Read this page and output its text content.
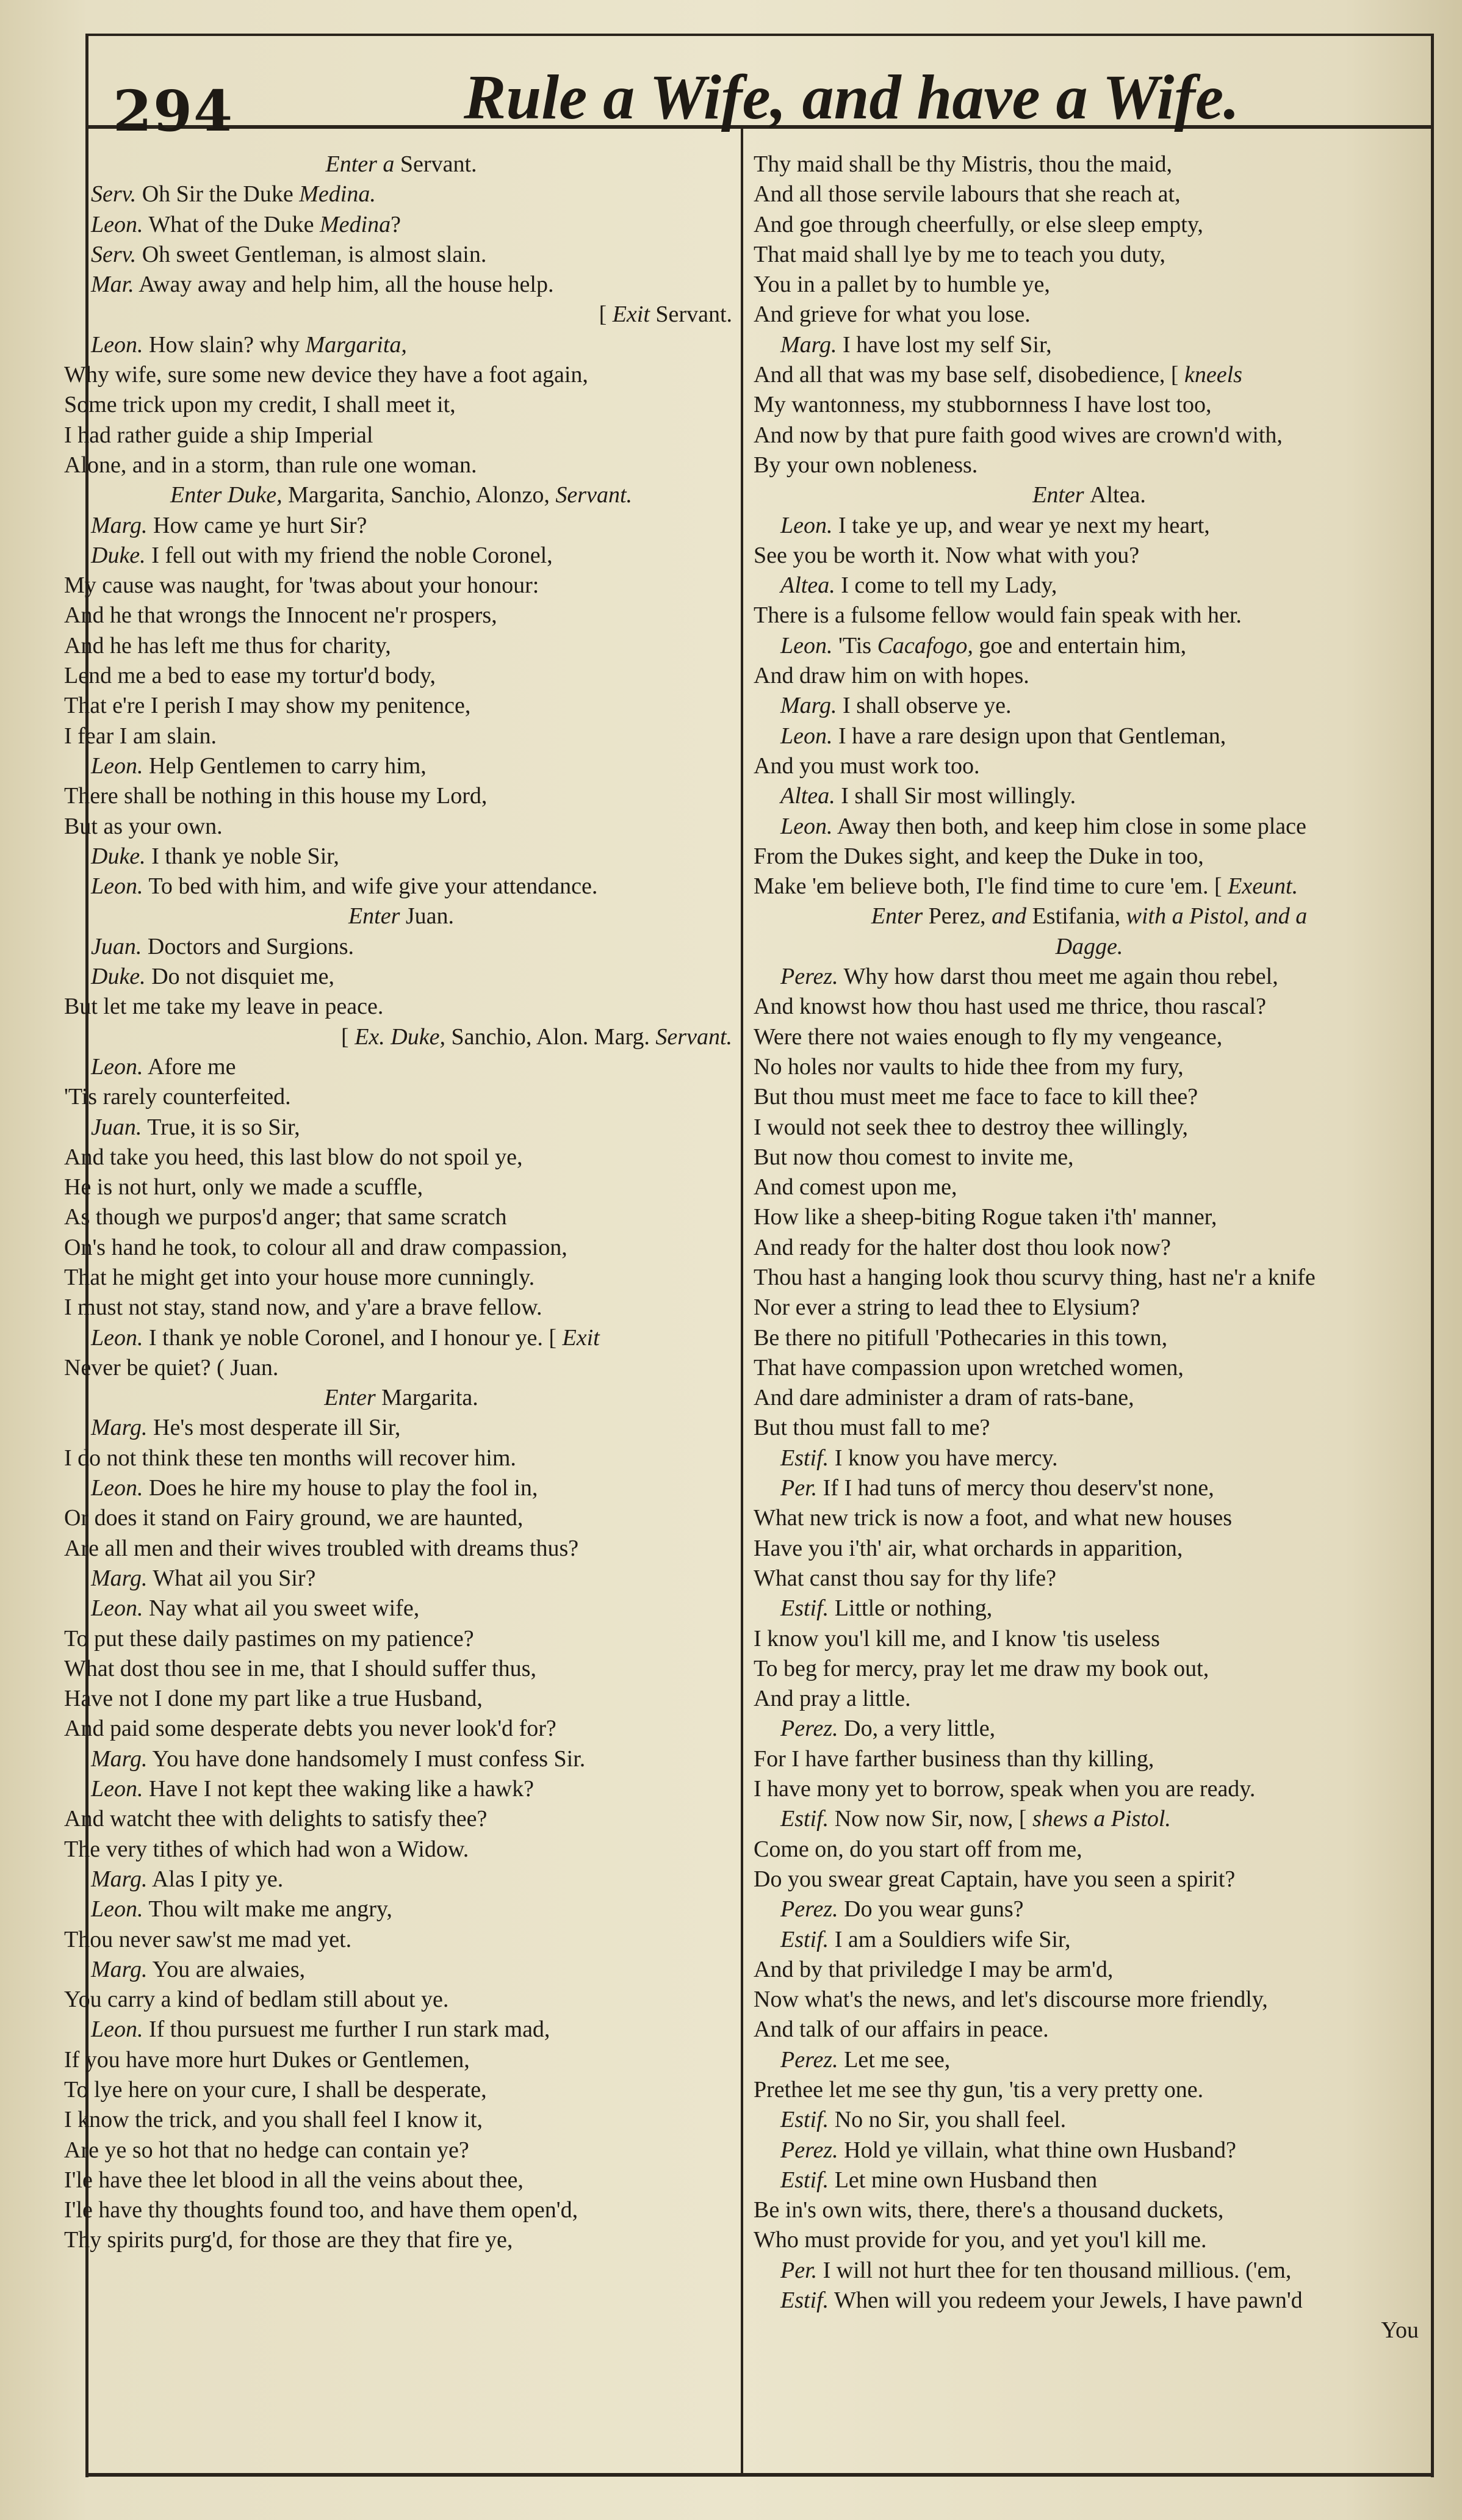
294	Rule a Wife, and have a Wife.
Enter a Servant.
Serv. Oh Sir the Duke Medina.
Leon. What of the Duke Medina?
Serv. Oh sweet Gentleman, is almost slain.
Mar. Away away and help him, all the house help.
[ Exit Servant.
Leon. How slain? why Margarita,
Why wife, sure some new device they have a foot again,
Some trick upon my credit, I shall meet it,
I had rather guide a ship Imperial
Alone, and in a storm, than rule one woman.
Enter Duke, Margarita, Sanchio, Alonzo, Servant.
Marg. How came ye hurt Sir?
Duke. I fell out with my friend the noble Coronel,
My cause was naught, for 'twas about your honour:
And he that wrongs the Innocent ne'r prospers,
And he has left me thus for charity,
Lend me a bed to ease my tortur'd body,
That e're I perish I may show my penitence,
I fear I am slain.
Leon. Help Gentlemen to carry him,
There shall be nothing in this house my Lord,
But as your own.
Duke. I thank ye noble Sir,
Leon. To bed with him, and wife give your attendance.
Enter Juan.
Juan. Doctors and Surgions.
Duke. Do not disquiet me,
But let me take my leave in peace.
[ Ex. Duke, Sanchio, Alon. Marg. Servant.
Leon. Afore me
'Tis rarely counterfeited.
Juan. True, it is so Sir,
And take you heed, this last blow do not spoil ye,
He is not hurt, only we made a scuffle,
As though we purpos'd anger; that same scratch
On's hand he took, to colour all and draw compassion,
That he might get into your house more cunningly.
I must not stay, stand now, and y'are a brave fellow.
Leon. I thank ye noble Coronel, and I honour ye. [ Exit
Never be quiet? ( Juan.
Enter Margarita.
Marg. He's most desperate ill Sir,
I do not think these ten months will recover him.
Leon. Does he hire my house to play the fool in,
Or does it stand on Fairy ground, we are haunted,
Are all men and their wives troubled with dreams thus?
Marg. What ail you Sir?
Leon. Nay what ail you sweet wife,
To put these daily pastimes on my patience?
What dost thou see in me, that I should suffer thus,
Have not I done my part like a true Husband,
And paid some desperate debts you never look'd for?
Marg. You have done handsomely I must confess Sir.
Leon. Have I not kept thee waking like a hawk?
And watcht thee with delights to satisfy thee?
The very tithes of which had won a Widow.
Marg. Alas I pity ye.
Leon. Thou wilt make me angry,
Thou never saw'st me mad yet.
Marg. You are alwaies,
You carry a kind of bedlam still about ye.
Leon. If thou pursuest me further I run stark mad,
If you have more hurt Dukes or Gentlemen,
To lye here on your cure, I shall be desperate,
I know the trick, and you shall feel I know it,
Are ye so hot that no hedge can contain ye?
I'le have thee let blood in all the veins about thee,
I'le have thy thoughts found too, and have them open'd,
Thy spirits purg'd, for those are they that fire ye,
Thy maid shall be thy Mistris, thou the maid,
And all those servile labours that she reach at,
And goe through cheerfully, or else sleep empty,
That maid shall lye by me to teach you duty,
You in a pallet by to humble ye,
And grieve for what you lose.
Marg. I have lost my self Sir,
And all that was my base self, disobedience, [ kneels
My wantonness, my stubbornness I have lost too,
And now by that pure faith good wives are crown'd with,
By your own nobleness.
Enter Altea.
Leon. I take ye up, and wear ye next my heart,
See you be worth it. Now what with you?
Altea. I come to tell my Lady,
There is a fulsome fellow would fain speak with her.
Leon. 'Tis Cacafogo, goe and entertain him,
And draw him on with hopes.
Marg. I shall observe ye.
Leon. I have a rare design upon that Gentleman,
And you must work too.
Altea. I shall Sir most willingly.
Leon. Away then both, and keep him close in some place
From the Dukes sight, and keep the Duke in too,
Make 'em believe both, I'le find time to cure 'em. [ Exeunt.
Enter Perez, and Estifania, with a Pistol, and a
Dagge.
Perez. Why how darst thou meet me again thou rebel,
And knowst how thou hast used me thrice, thou rascal?
Were there not waies enough to fly my vengeance,
No holes nor vaults to hide thee from my fury,
But thou must meet me face to face to kill thee?
I would not seek thee to destroy thee willingly,
But now thou comest to invite me,
And comest upon me,
How like a sheep-biting Rogue taken i'th' manner,
And ready for the halter dost thou look now?
Thou hast a hanging look thou scurvy thing, hast ne'r a knife
Nor ever a string to lead thee to Elysium?
Be there no pitifull 'Pothecaries in this town,
That have compassion upon wretched women,
And dare administer a dram of rats-bane,
But thou must fall to me?
Estif. I know you have mercy.
Per. If I had tuns of mercy thou deserv'st none,
What new trick is now a foot, and what new houses
Have you i'th' air, what orchards in apparition,
What canst thou say for thy life?
Estif. Little or nothing,
I know you'l kill me, and I know 'tis useless
To beg for mercy, pray let me draw my book out,
And pray a little.
Perez. Do, a very little,
For I have farther business than thy killing,
I have mony yet to borrow, speak when you are ready.
Estif. Now now Sir, now, [ shews a Pistol.
Come on, do you start off from me,
Do you swear great Captain, have you seen a spirit?
Perez. Do you wear guns?
Estif. I am a Souldiers wife Sir,
And by that priviledge I may be arm'd,
Now what's the news, and let's discourse more friendly,
And talk of our affairs in peace.
Perez. Let me see,
Prethee let me see thy gun, 'tis a very pretty one.
Estif. No no Sir, you shall feel.
Perez. Hold ye villain, what thine own Husband?
Estif. Let mine own Husband then
Be in's own wits, there, there's a thousand duckets,
Who must provide for you, and yet you'l kill me.
Per. I will not hurt thee for ten thousand millious. ('em,
Estif. When will you redeem your Jewels, I have pawn'd
You
